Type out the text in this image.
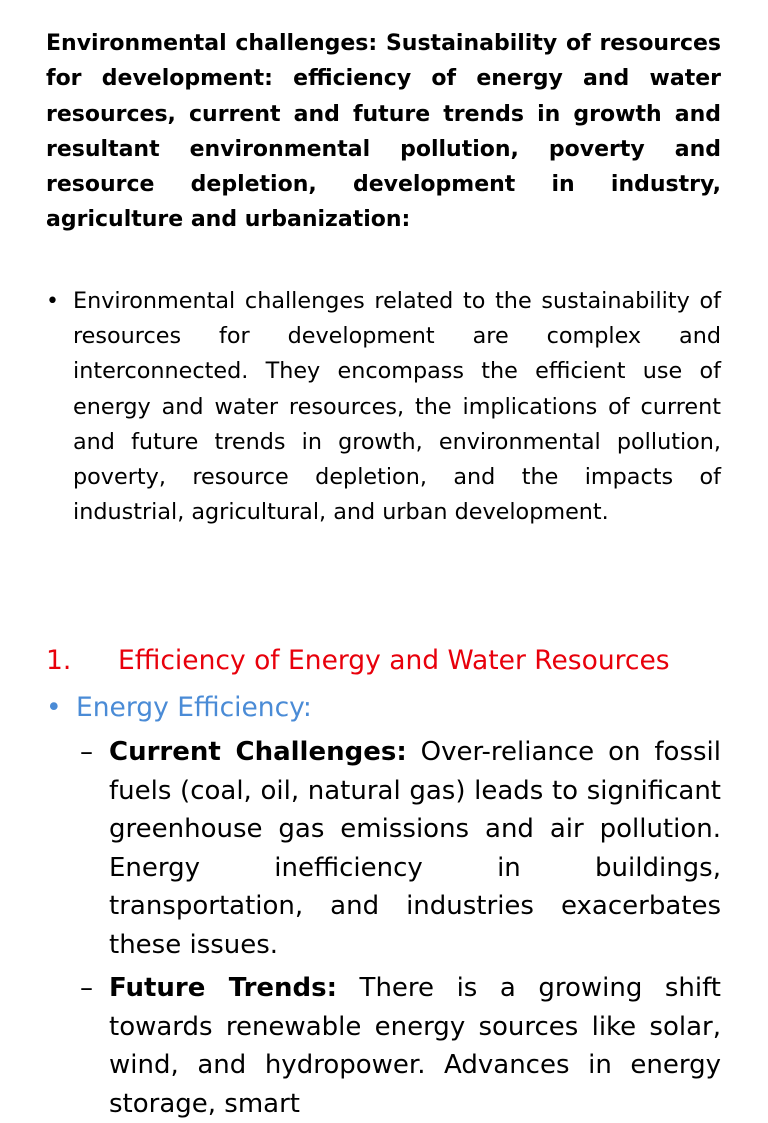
Environmental challenges: Sustainability of resources for development: efficiency of energy and water resources, current and future trends in growth and resultant environmental pollution, poverty and resource depletion, development in industry, agriculture and urbanization:

• Environmental challenges related to the sustainability of resources for development are complex and interconnected. They encompass the efficient use of energy and water resources, the implications of current and future trends in growth, environmental pollution, poverty, resource depletion, and the impacts of industrial, agricultural, and urban development.

1.	Efficiency of Energy and Water Resources
• Energy Efficiency:
– Current Challenges: Over-reliance on fossil fuels (coal, oil, natural gas) leads to significant greenhouse gas emissions and air pollution. Energy inefficiency in buildings, transportation, and industries exacerbates these issues.

– Future Trends: There is a growing shift towards renewable energy sources like solar, wind, and hydropower. Advances in energy storage, smart
